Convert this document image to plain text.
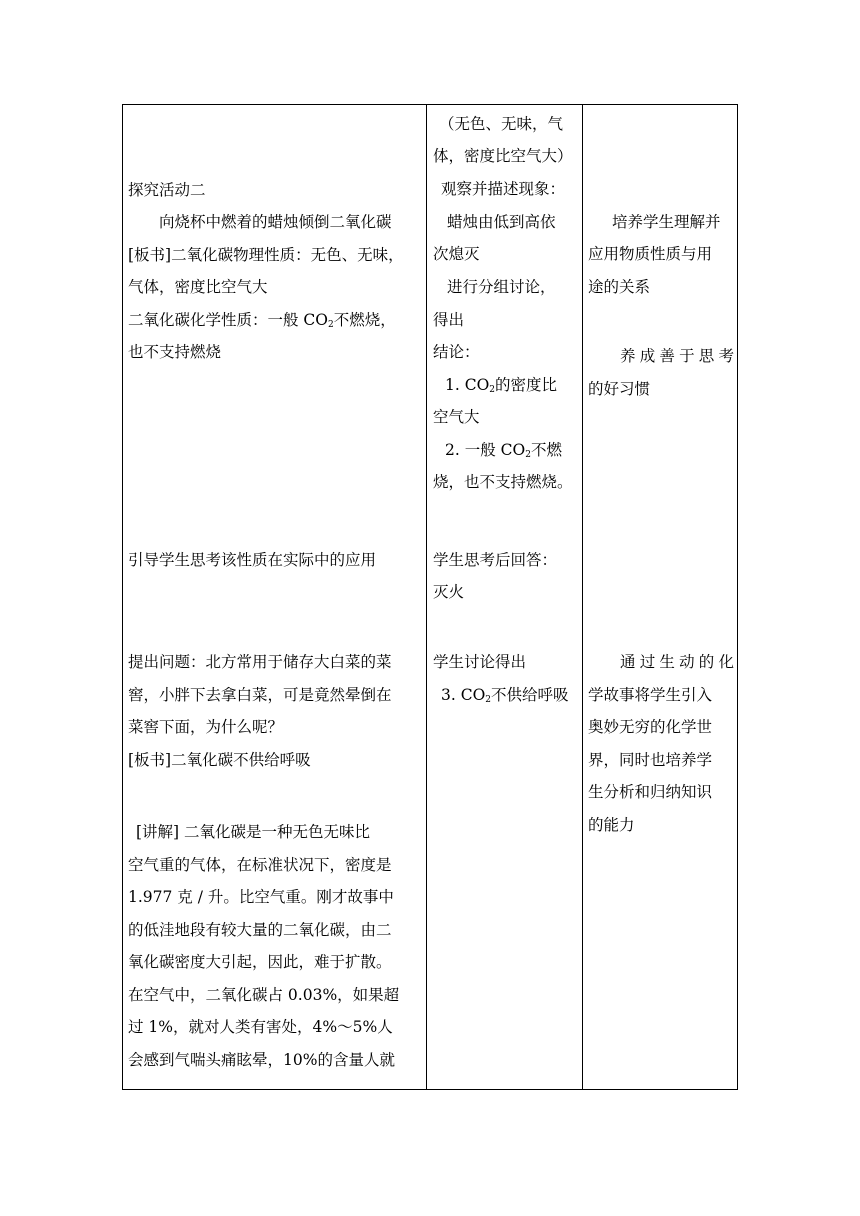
探究活动二
向烧杯中燃着的蜡烛倾倒二氧化碳
[板书]二氧化碳物理性质：无色、无味，
气体，密度比空气大
二氧化碳化学性质：一般 $CO_2$不燃烧，
也不支持燃烧
引导学生思考该性质在实际中的应用
提出问题：北方常用于储存大白菜的菜
窖，小胖下去拿白菜，可是竟然晕倒在
菜窖下面，为什么呢？
[板书]二氧化碳不供给呼吸
[讲解] 二氧化碳是一种无色无味比
空气重的气体，在标准状况下，密度是
1.977 克 / 升。比空气重。刚才故事中
的低洼地段有较大量的二氧化碳，由二
氧化碳密度大引起，因此，难于扩散。
在空气中，二氧化碳占 0.03%，如果超
过 1%，就对人类有害处，4%～5%人
会感到气喘头痛眩晕，10%的含量人就
（无色、无味，气
体，密度比空气大）
观察并描述现象：
蜡烛由低到高依
次熄灭
进行分组讨论，
得出
结论：
1. $CO_2$的密度比
空气大
2. 一般 $CO_2$不燃
烧，也不支持燃烧。
学生思考后回答：
灭火
学生讨论得出
3. $CO_2$不供给呼吸
培养学生理解并
应用物质性质与用
途的关系
养成善于思考
的好习惯
通过生动的化
学故事将学生引入
奥妙无穷的化学世
界，同时也培养学
生分析和归纳知识
的能力
